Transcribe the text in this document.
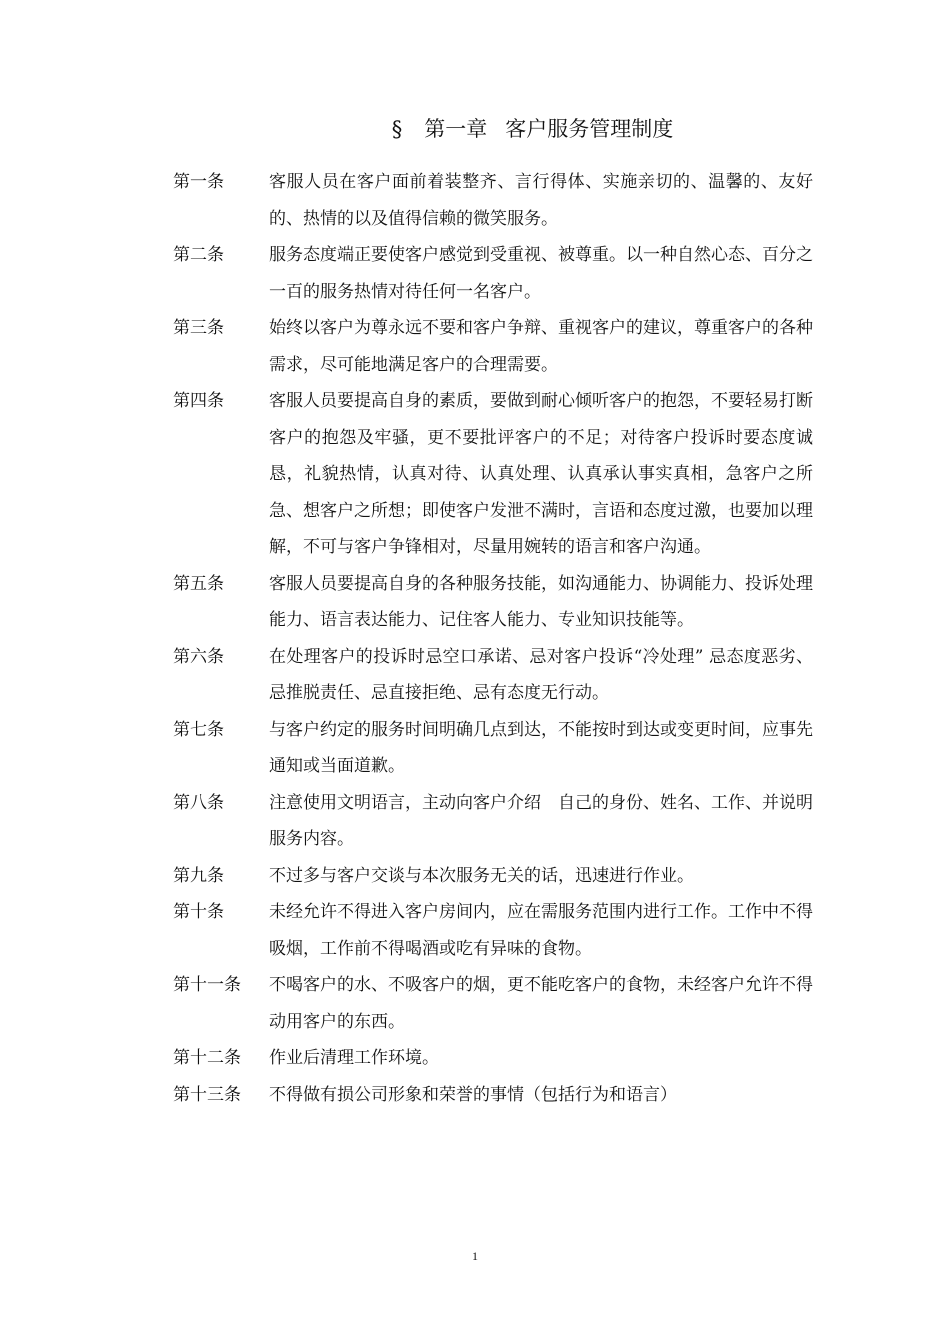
§ 第一章 客户服务管理制度
第一条	客服人员在客户面前着装整齐、言行得体、实施亲切的、温馨的、友好的、热情的以及值得信赖的微笑服务。
第二条	服务态度端正要使客户感觉到受重视、被尊重。以一种自然心态、百分之一百的服务热情对待任何一名客户。
第三条	始终以客户为尊永远不要和客户争辩、重视客户的建议，尊重客户的各种需求，尽可能地满足客户的合理需要。
第四条	客服人员要提高自身的素质，要做到耐心倾听客户的抱怨，不要轻易打断客户的抱怨及牢骚，更不要批评客户的不足；对待客户投诉时要态度诚恳，礼貌热情，认真对待、认真处理、认真承认事实真相，急客户之所急、想客户之所想；即使客户发泄不满时，言语和态度过激，也要加以理解，不可与客户争锋相对，尽量用婉转的语言和客户沟通。
第五条	客服人员要提高自身的各种服务技能，如沟通能力、协调能力、投诉处理能力、语言表达能力、记住客人能力、专业知识技能等。
第六条	在处理客户的投诉时忌空口承诺、忌对客户投诉“冷处理” 忌态度恶劣、忌推脱责任、忌直接拒绝、忌有态度无行动。
第七条	与客户约定的服务时间明确几点到达，不能按时到达或变更时间，应事先通知或当面道歉。
第八条	注意使用文明语言，主动向客户介绍　自己的身份、姓名、工作、并说明服务内容。
第九条	不过多与客户交谈与本次服务无关的话，迅速进行作业。
第十条	未经允许不得进入客户房间内，应在需服务范围内进行工作。工作中不得吸烟，工作前不得喝酒或吃有异味的食物。
第十一条	不喝客户的水、不吸客户的烟，更不能吃客户的食物，未经客户允许不得动用客户的东西。
第十二条	作业后清理工作环境。
第十三条	不得做有损公司形象和荣誉的事情（包括行为和语言）
1
